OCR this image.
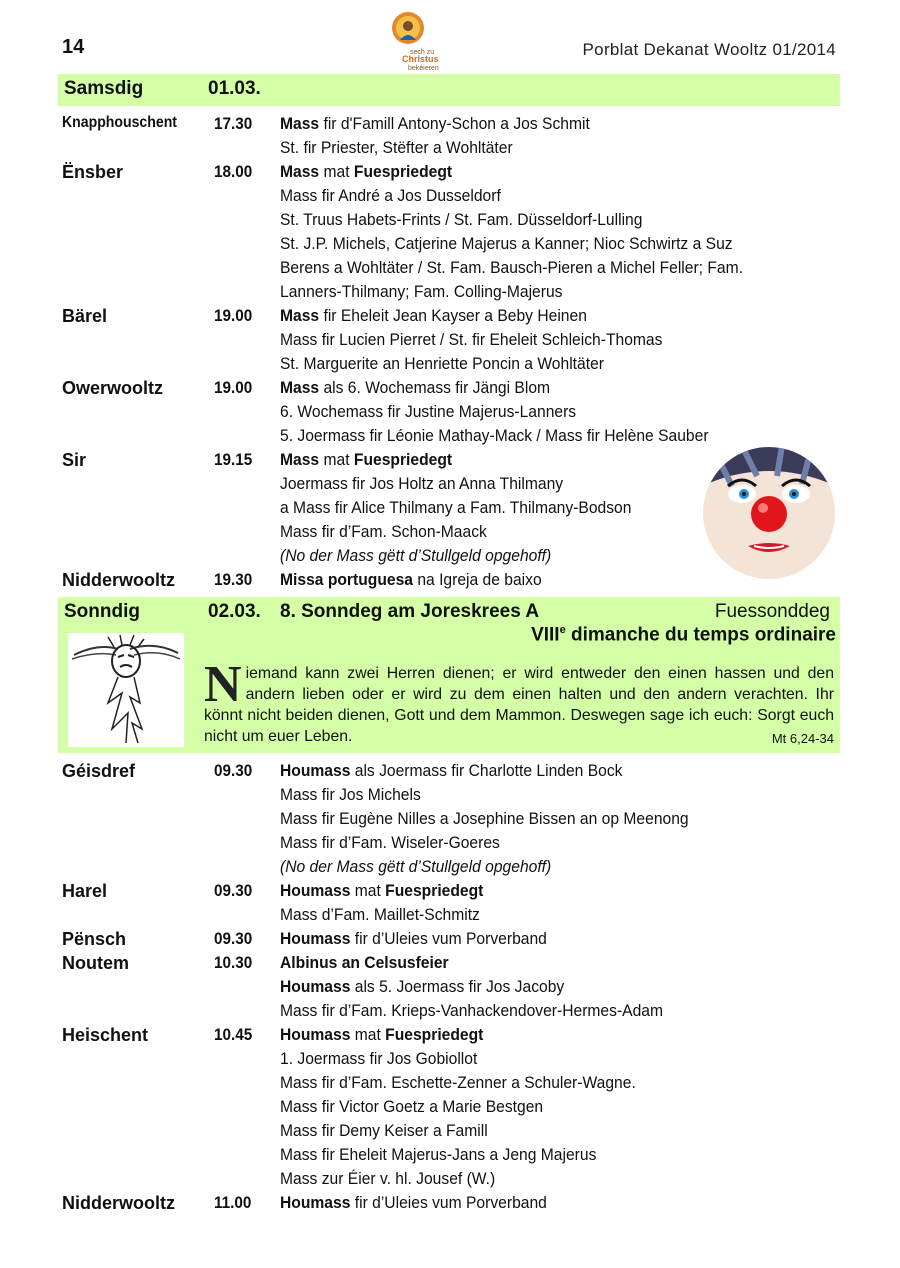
14	sech zu
Christus
bekéieren
Porblat Dekanat Wooltz 01/2014
Samsdig	01.03.
Knapphouschent 17.30 Mass fir d'Famill Antony-Schon a Jos Schmit
St. fir Priester, Stëfter a Wohltäter
Ënsber	18.00 Mass mat Fuespriedegt
Mass fir André a Jos Dusseldorf
St. Truus Habets-Frints / St. Fam. Düsseldorf-Lulling
St. J.P. Michels, Catjerine Majerus a Kanner; Nioc Schwirtz a Suz
Berens a Wohltäter / St. Fam. Bausch-Pieren a Michel Feller; Fam.
Lanners-Thilmany; Fam. Colling-Majerus
Bärel	19.00 Mass fir Eheleit Jean Kayser a Beby Heinen
Mass fir Lucien Pierret / St. fir Eheleit Schleich-Thomas
St. Marguerite an Henriette Poncin a Wohltäter
Owerwooltz	19.00 Mass als 6. Wochemass fir Jängi Blom
6. Wochemass fir Justine Majerus-Lanners
5. Joermass fir Léonie Mathay-Mack / Mass fir Helène Sauber
Sir	19.15 Mass mat Fuespriedegt
Joermass fir Jos Holtz an Anna Thilmany
a Mass fir Alice Thilmany a Fam. Thilmany-Bodson
Mass fir d’Fam. Schon-Maack
(No der Mass gëtt d’Stullgeld opgehoff)
Nidderwooltz 19.30 Missa portuguesa na Igreja de baixo
Sonndig	02.03. 8. Sonndeg am Joreskrees A	Fuessonddeg
VIIIe dimanche du temps ordinaire
Niemand kann zwei Herren dienen; er wird entweder den einen hassen und den andern lieben oder er wird zu dem einen halten und den andern verachten. Ihr könnt nicht beiden dienen, Gott und dem Mammon. Deswegen sage ich euch: Sorgt euch nicht um euer Leben.	Mt 6,24-34
Géisdref	09.30 Houmass als Joermass fir Charlotte Linden Bock
Mass fir Jos Michels
Mass fir Eugène Nilles a Josephine Bissen an op Meenong
Mass fir d’Fam. Wiseler-Goeres
(No der Mass gëtt d’Stullgeld opgehoff)
Harel	09.30 Houmass mat Fuespriedegt
Mass d’Fam. Maillet-Schmitz
Pënsch	09.30 Houmass fir d’Uleies vum Porverband
Noutem	10.30 Albinus an Celsusfeier
Houmass als 5. Joermass fir Jos Jacoby
Mass fir d’Fam. Krieps-Vanhackendover-Hermes-Adam
Heischent	10.45 Houmass mat Fuespriedegt
1. Joermass fir Jos Gobiollot
Mass fir d’Fam. Eschette-Zenner a Schuler-Wagne.
Mass fir Victor Goetz a Marie Bestgen
Mass fir Demy Keiser a Famill
Mass fir Eheleit Majerus-Jans a Jeng Majerus
Mass zur Éier v. hl. Jousef (W.)
Nidderwooltz 11.00 Houmass fir d’Uleies vum Porverband
